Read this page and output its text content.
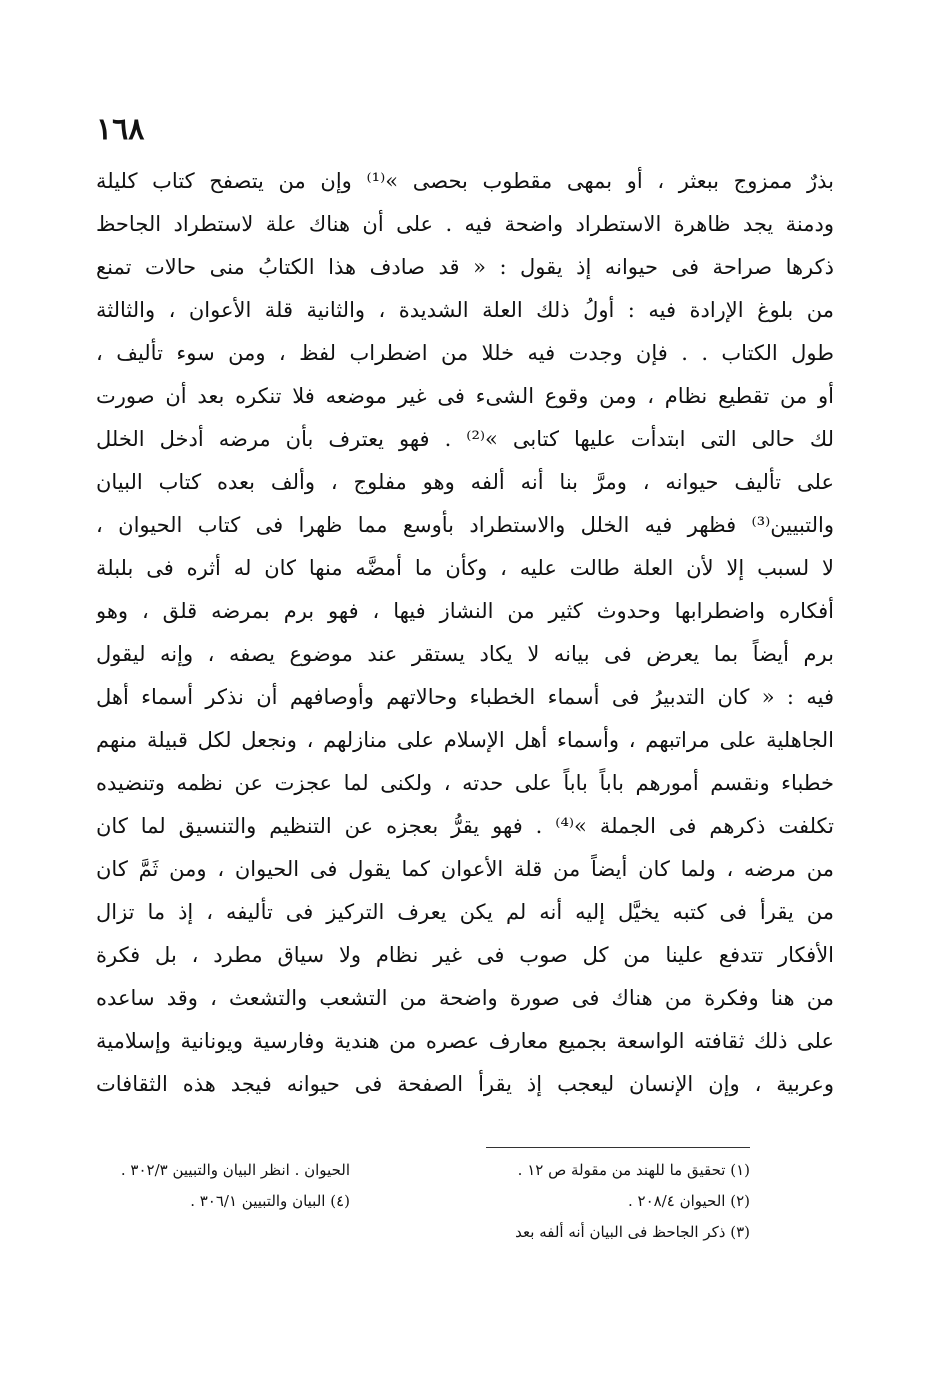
١٦٨
بذرٌ ممزوج ببعثر ، أو بمهى مقطوب بحصى »⁽¹⁾ وإن من يتصفح كتاب كليلة
ودمنة يجد ظاهرة الاستطراد واضحة فيه . على أن هناك علة لاستطراد الجاحظ
ذكرها صراحة فى حيوانه إذ يقول : « قد صادف هذا الكتابُ منى حالات تمنع
من بلوغ الإرادة فيه : أولُ ذلك العلة الشديدة ، والثانية قلة الأعوان ، والثالثة
طول الكتاب . . فإن وجدت فيه خللا من اضطراب لفظ ، ومن سوء تأليف ،
أو من تقطيع نظام ، ومن وقوع الشىء فى غير موضعه فلا تنكره بعد أن صورت
لك حالى التى ابتدأت عليها كتابى »⁽²⁾ . فهو يعترف بأن مرضه أدخل الخلل
على تأليف حيوانه ، ومرَّ بنا أنه ألفه وهو مفلوج ، وألف بعده كتاب البيان
والتبيين⁽³⁾ فظهر فيه الخلل والاستطراد بأوسع مما ظهرا فى كتاب الحيوان ،
لا لسبب إلا لأن العلة طالت عليه ، وكأن ما أمضَّه منها كان له أثره فى بلبلة
أفكاره واضطرابها وحدوث كثير من النشاز فيها ، فهو برم بمرضه قلق ، وهو
برم أيضاً بما يعرض فى بيانه لا يكاد يستقر عند موضوع يصفه ، وإنه ليقول
فيه : « كان التدبيرُ فى أسماء الخطباء وحالاتهم وأوصافهم أن نذكر أسماء أهل
الجاهلية على مراتبهم ، وأسماء أهل الإسلام على منازلهم ، ونجعل لكل قبيلة منهم
خطباء ونقسم أمورهم باباً باباً على حدته ، ولكنى لما عجزت عن نظمه وتنضيده
تكلفت ذكرهم فى الجملة »⁽⁴⁾ . فهو يقرُّ بعجزه عن التنظيم والتنسيق لما كان
من مرضه ، ولما كان أيضاً من قلة الأعوان كما يقول فى الحيوان ، ومن ثَمَّ كان
من يقرأ فى كتبه يخيَّل إليه أنه لم يكن يعرف التركيز فى تأليفه ، إذ ما تزال
الأفكار تتدفع علينا من كل صوب فى غير نظام ولا سياق مطرد ، بل فكرة
من هنا وفكرة من هناك فى صورة واضحة من التشعب والتشعث ، وقد ساعده
على ذلك ثقافته الواسعة بجميع معارف عصره من هندية وفارسية ويونانية وإسلامية
وعربية ، وإن الإنسان ليعجب إذ يقرأ الصفحة فى حيوانه فيجد هذه الثقافات
(١) تحقيق ما للهند من مقولة ص ١٢ .
الحيوان . انظر البيان والتبيين ٣٠٢/٣ .
(٢) الحيوان ٢٠٨/٤ .
(٤) البيان والتبيين ٣٠٦/١ .
(٣) ذكر الجاحظ فى البيان أنه ألفه بعد
